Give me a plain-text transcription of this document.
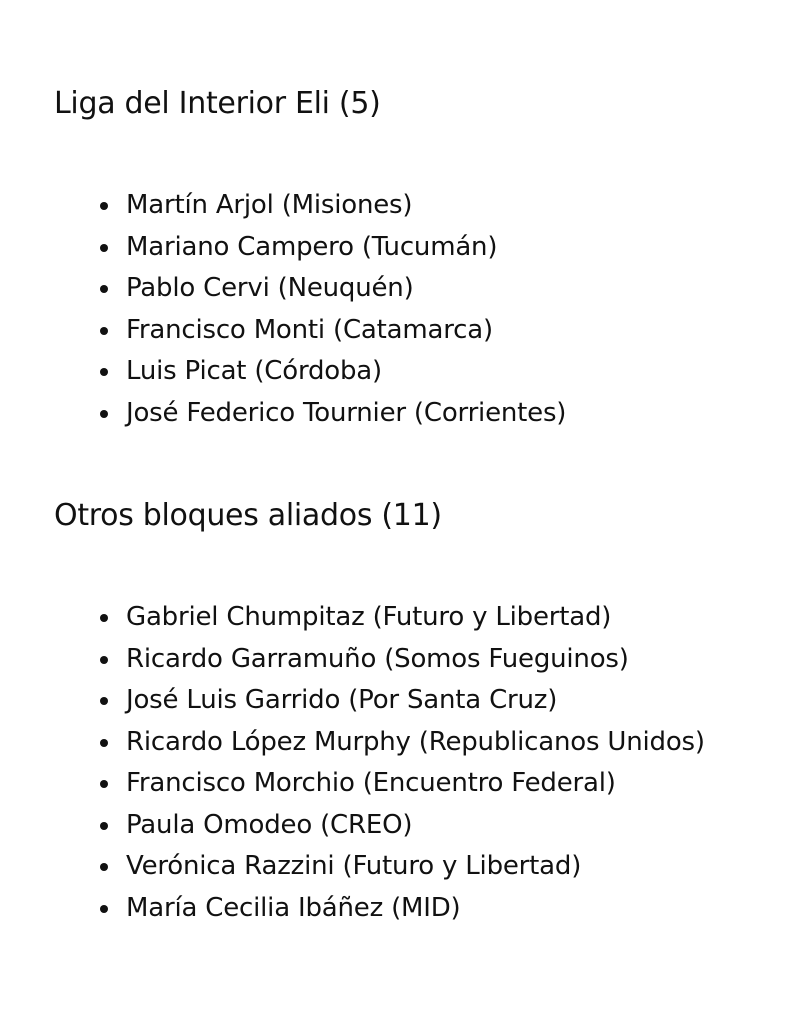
Liga del Interior Eli (5)
Martín Arjol (Misiones)
Mariano Campero (Tucumán)
Pablo Cervi (Neuquén)
Francisco Monti (Catamarca)
Luis Picat (Córdoba)
José Federico Tournier (Corrientes)
Otros bloques aliados (11)
Gabriel Chumpitaz (Futuro y Libertad)
Ricardo Garramuño (Somos Fueguinos)
José Luis Garrido (Por Santa Cruz)
Ricardo López Murphy (Republicanos Unidos)
Francisco Morchio (Encuentro Federal)
Paula Omodeo (CREO)
Verónica Razzini (Futuro y Libertad)
María Cecilia Ibáñez (MID)
